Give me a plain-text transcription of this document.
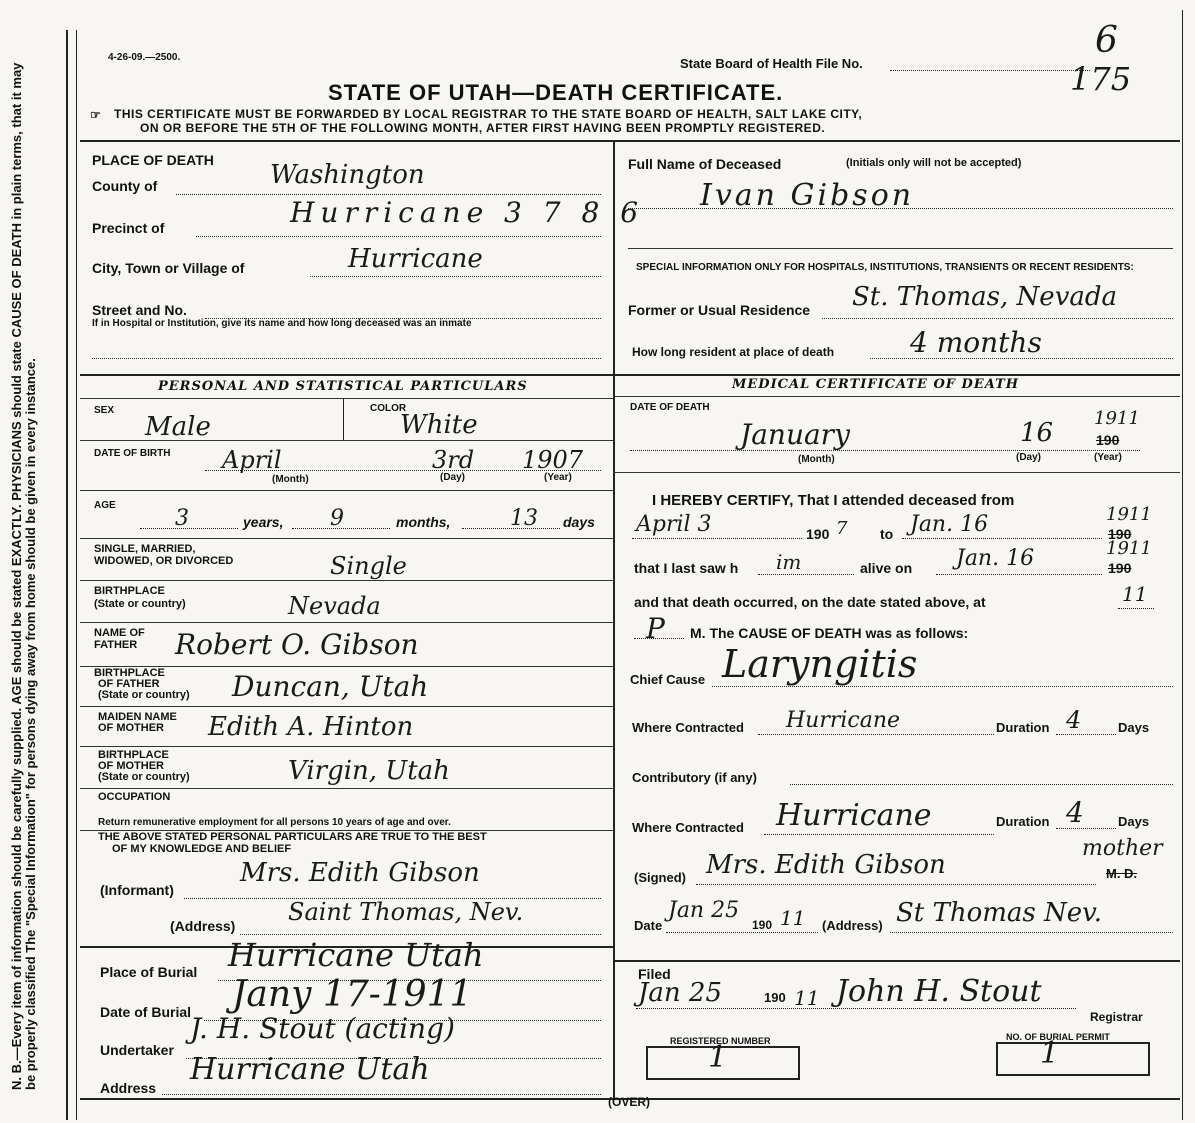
N. B.—Every item of information should be carefully supplied. AGE should be stated EXACTLY. PHYSICIANS should state CAUSE OF DEATH in plain terms, that it may be properly classified The "Special Information" for persons dying away from home should be given in every instance.
4-26-09.—2500.	State Board of Health File No.
6
175
STATE OF UTAH—DEATH CERTIFICATE.
☞ THIS CERTIFICATE MUST BE FORWARDED BY LOCAL REGISTRAR TO THE STATE BOARD OF HEALTH, SALT LAKE CITY,
ON OR BEFORE THE 5TH OF THE FOLLOWING MONTH, AFTER FIRST HAVING BEEN PROMPTLY REGISTERED.
PLACE OF DEATH
County of	Washington
Precinct of	Hurricane 3 7 8 6
City, Town or Village of	Hurricane
Street and No.
If in Hospital or Institution, give its name and how long deceased was an inmate
Full Name of Deceased	(Initials only will not be accepted)
Ivan Gibson
SPECIAL INFORMATION ONLY FOR HOSPITALS, INSTITUTIONS, TRANSIENTS OR RECENT RESIDENTS:
Former or Usual Residence St. Thomas, Nevada
How long resident at place of death	4 months
PERSONAL AND STATISTICAL PARTICULARS
SEX	COLOR
Male	White
DATE OF BIRTH April	3rd 1907
(Month)	(Day)	(Year)
AGE
3	years, 9	months,	13 days
SINGLE, MARRIED,
WIDOWED, OR DIVORCED	Single
BIRTHPLACE
(State or country)	Nevada
NAME OF
FATHER Robert O. Gibson
BIRTHPLACE
OF FATHER
(State or country) Duncan, Utah
MAIDEN NAME
OF MOTHER Edith A. Hinton
BIRTHPLACE
OF MOTHER
(State or country)	Virgin, Utah
OCCUPATION
Return remunerative employment for all persons 10 years of age and over.
THE ABOVE STATED PERSONAL PARTICULARS ARE TRUE TO THE BEST
OF MY KNOWLEDGE AND BELIEF
(Informant)
Mrs. Edith Gibson
(Address) Saint Thomas, Nev.
Place of Burial Hurricane Utah
Date of Burial Jany 17-1911
Undertaker
J. H. Stout (acting)
Address
Hurricane Utah
MEDICAL CERTIFICATE OF DEATH
DATE OF DEATH
January	16	190
1911
(Month)	(Day)	(Year)
I HEREBY CERTIFY, That I attended deceased from
April 3	190 7 to Jan. 16	190
1911
that I last saw h im	alive on Jan. 16	190
1911
and that death occurred, on the date stated above, at	11
P M. The CAUSE OF DEATH was as follows:
Chief Cause Laryngitis
Where Contracted Hurricane	Duration 4	Days
Contributory (if any)
Where Contracted Hurricane	Duration 4	Days
(Signed) Mrs. Edith Gibson
mother
M. D.
Date
Jan 25
190 11 (Address) St Thomas Nev.
Filed
Jan 25	190 11 John H. Stout
Registrar
REGISTERED NUMBER
1
NO. OF BURIAL PERMIT
1
(OVER)
